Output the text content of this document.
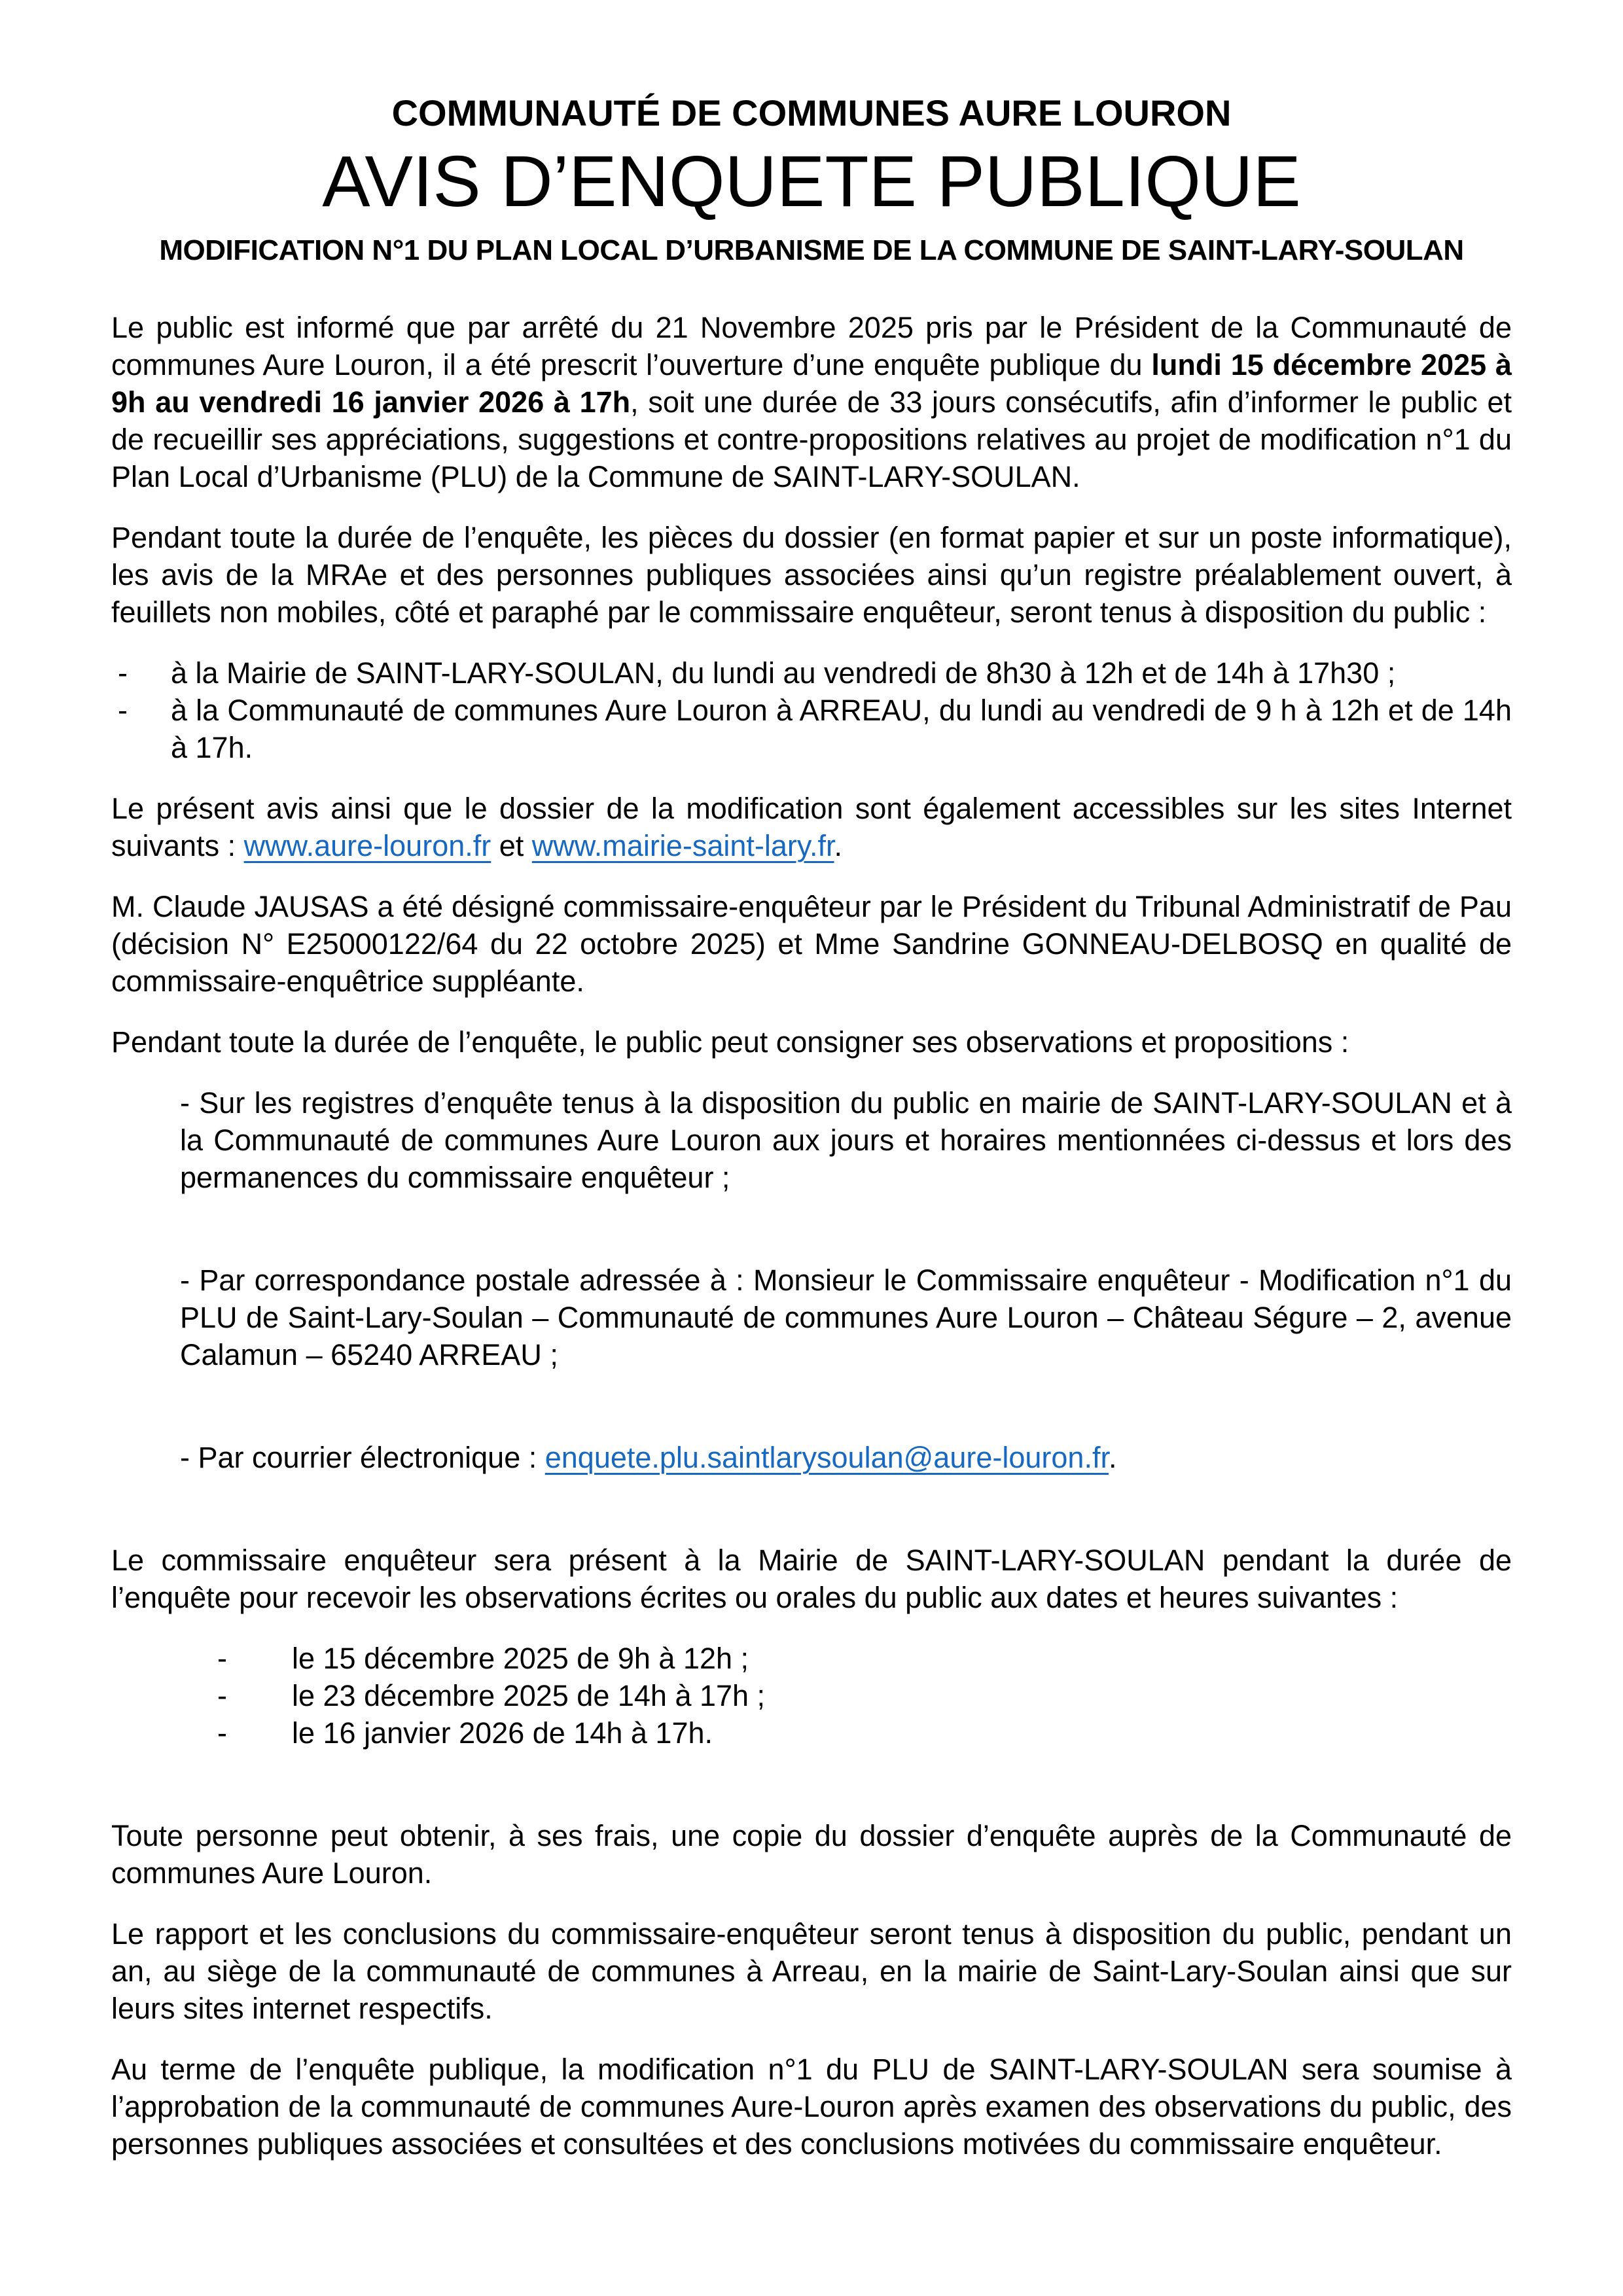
COMMUNAUTÉ DE COMMUNES AURE LOURON
AVIS D’ENQUETE PUBLIQUE
MODIFICATION N°1 DU PLAN LOCAL D’URBANISME DE LA COMMUNE DE SAINT-LARY-SOULAN

Le public est informé que par arrêté du 21 Novembre 2025 pris par le Président de la Communauté de communes Aure Louron, il a été prescrit l’ouverture d’une enquête publique du lundi 15 décembre 2025 à 9h au vendredi 16 janvier 2026 à 17h, soit une durée de 33 jours consécutifs, afin d’informer le public et de recueillir ses appréciations, suggestions et contre-propositions relatives au projet de modification n°1 du Plan Local d’Urbanisme (PLU) de la Commune de SAINT-LARY-SOULAN.

Pendant toute la durée de l’enquête, les pièces du dossier (en format papier et sur un poste informatique), les avis de la MRAe et des personnes publiques associées ainsi qu’un registre préalablement ouvert, à feuillets non mobiles, côté et paraphé par le commissaire enquêteur, seront tenus à disposition du public :

- à la Mairie de SAINT-LARY-SOULAN, du lundi au vendredi de 8h30 à 12h et de 14h à 17h30 ;
- à la Communauté de communes Aure Louron à ARREAU, du lundi au vendredi de 9 h à 12h et de 14h à 17h.

Le présent avis ainsi que le dossier de la modification sont également accessibles sur les sites Internet suivants : www.aure-louron.fr et www.mairie-saint-lary.fr.

M. Claude JAUSAS a été désigné commissaire-enquêteur par le Président du Tribunal Administratif de Pau (décision N° E25000122/64 du 22 octobre 2025) et Mme Sandrine GONNEAU-DELBOSQ en qualité de commissaire-enquêtrice suppléante.

Pendant toute la durée de l’enquête, le public peut consigner ses observations et propositions :

- Sur les registres d’enquête tenus à la disposition du public en mairie de SAINT-LARY-SOULAN et à la Communauté de communes Aure Louron aux jours et horaires mentionnées ci-dessus et lors des permanences du commissaire enquêteur ;

- Par correspondance postale adressée à : Monsieur le Commissaire enquêteur - Modification n°1 du PLU de Saint-Lary-Soulan – Communauté de communes Aure Louron – Château Ségure – 2, avenue Calamun – 65240 ARREAU ;

- Par courrier électronique : enquete.plu.saintlarysoulan@aure-louron.fr.

Le commissaire enquêteur sera présent à la Mairie de SAINT-LARY-SOULAN pendant la durée de l’enquête pour recevoir les observations écrites ou orales du public aux dates et heures suivantes :

- le 15 décembre 2025 de 9h à 12h ;
- le 23 décembre 2025 de 14h à 17h ;
- le 16 janvier 2026 de 14h à 17h.

Toute personne peut obtenir, à ses frais, une copie du dossier d’enquête auprès de la Communauté de communes Aure Louron.

Le rapport et les conclusions du commissaire-enquêteur seront tenus à disposition du public, pendant un an, au siège de la communauté de communes à Arreau, en la mairie de Saint-Lary-Soulan ainsi que sur leurs sites internet respectifs.

Au terme de l’enquête publique, la modification n°1 du PLU de SAINT-LARY-SOULAN sera soumise à l’approbation de la communauté de communes Aure-Louron après examen des observations du public, des personnes publiques associées et consultées et des conclusions motivées du commissaire enquêteur.
